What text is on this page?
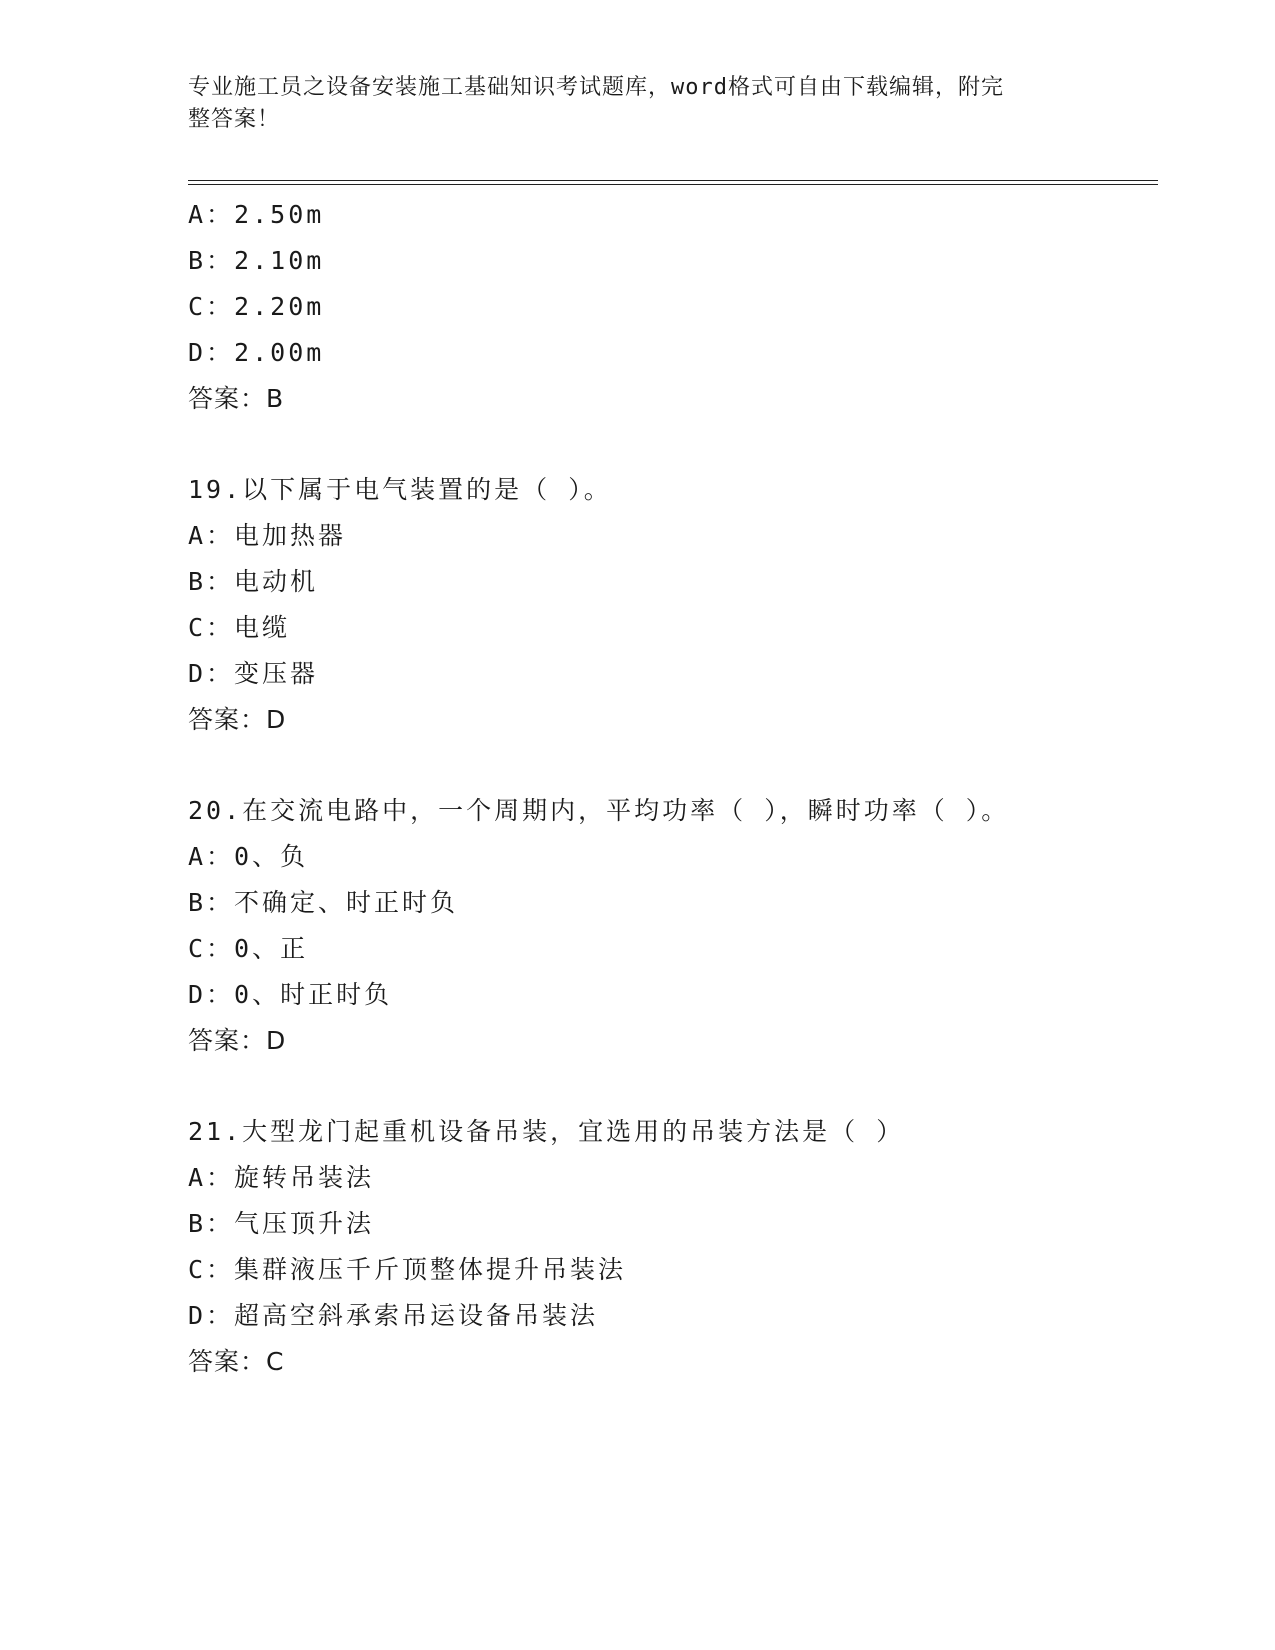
专业施工员之设备安装施工基础知识考试题库，word格式可自由下载编辑，附完
整答案！
A：2.50m
B：2.10m
C：2.20m
D：2.00m
答案：B
19.以下属于电气装置的是（ ）。
A：电加热器
B：电动机
C：电缆
D：变压器
答案：D
20.在交流电路中，一个周期内，平均功率（ ），瞬时功率（ ）。
A：0、负
B：不确定、时正时负
C：0、正
D：0、时正时负
答案：D
21.大型龙门起重机设备吊装，宜选用的吊装方法是（ ）
A：旋转吊装法
B：气压顶升法
C：集群液压千斤顶整体提升吊装法
D：超高空斜承索吊运设备吊装法
答案：C
